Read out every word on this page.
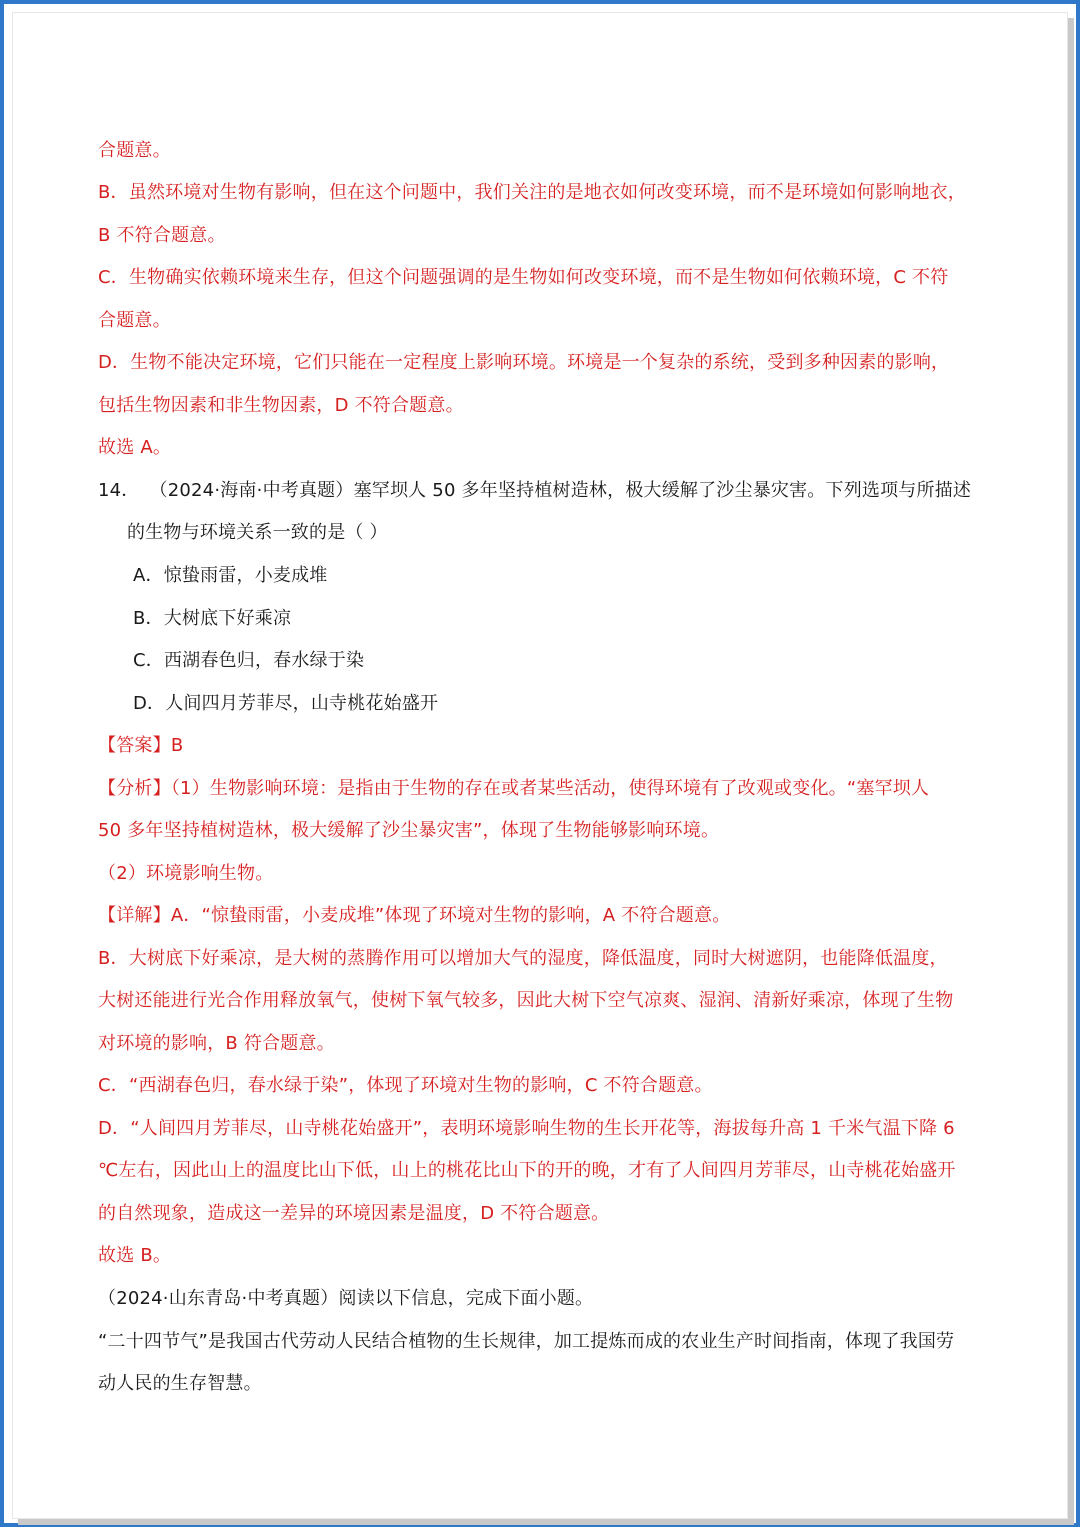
合题意。
B．虽然环境对生物有影响，但在这个问题中，我们关注的是地衣如何改变环境，而不是环境如何影响地衣，
B 不符合题意。
C．生物确实依赖环境来生存，但这个问题强调的是生物如何改变环境，而不是生物如何依赖环境，C 不符
合题意。
D．生物不能决定环境，它们只能在一定程度上影响环境。环境是一个复杂的系统，受到多种因素的影响，
包括生物因素和非生物因素，D 不符合题意。
故选 A。
14． （2024·海南·中考真题）塞罕坝人 50 多年坚持植树造林，极大缓解了沙尘暴灾害。下列选项与所描述
的生物与环境关系一致的是（ ）
A．惊蛰雨雷，小麦成堆
B．大树底下好乘凉
C．西湖春色归，春水绿于染
D．人间四月芳菲尽，山寺桃花始盛开
【答案】B
【分析】（1）生物影响环境：是指由于生物的存在或者某些活动，使得环境有了改观或变化。“塞罕坝人
50 多年坚持植树造林，极大缓解了沙尘暴灾害”，体现了生物能够影响环境。
（2）环境影响生物。
【详解】A．“惊蛰雨雷，小麦成堆”体现了环境对生物的影响，A 不符合题意。
B．大树底下好乘凉，是大树的蒸腾作用可以增加大气的湿度，降低温度，同时大树遮阴，也能降低温度，
大树还能进行光合作用释放氧气，使树下氧气较多，因此大树下空气凉爽、湿润、清新好乘凉，体现了生物
对环境的影响，B 符合题意。
C．“西湖春色归，春水绿于染”，体现了环境对生物的影响，C 不符合题意。
D．“人间四月芳菲尽，山寺桃花始盛开”，表明环境影响生物的生长开花等，海拔每升高 1 千米气温下降 6
℃左右，因此山上的温度比山下低，山上的桃花比山下的开的晚，才有了人间四月芳菲尽，山寺桃花始盛开
的自然现象，造成这一差异的环境因素是温度，D 不符合题意。
故选 B。
（2024·山东青岛·中考真题）阅读以下信息，完成下面小题。
“二十四节气”是我国古代劳动人民结合植物的生长规律，加工提炼而成的农业生产时间指南，体现了我国劳
动人民的生存智慧。
